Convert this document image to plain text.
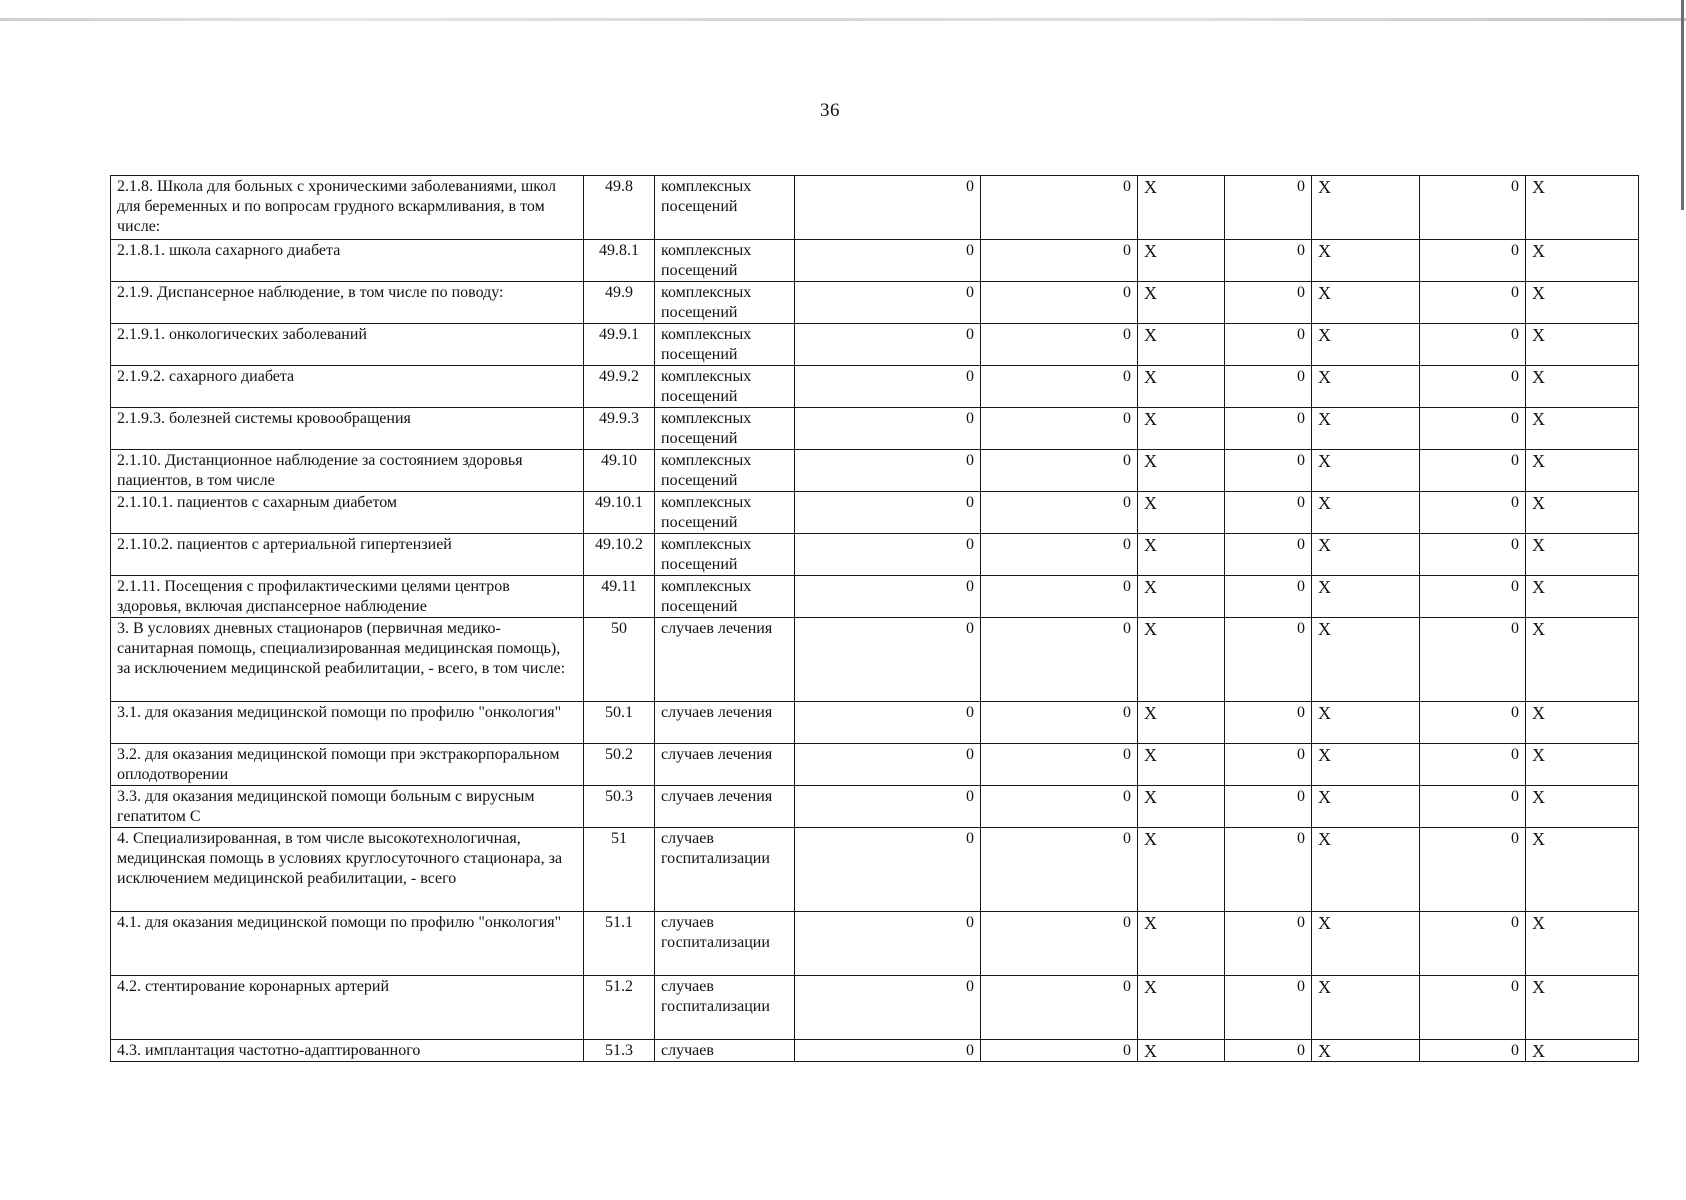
36
2.1.8. Школа для больных с хроническими заболеваниями, школ для беременных и по вопросам грудного вскармливания, в том числе:	49.8	комплексных посещений	0	0	X	0	X	0	X
2.1.8.1. школа сахарного диабета	49.8.1	комплексных посещений	0	0	X	0	X	0	X
2.1.9. Диспансерное наблюдение, в том числе по поводу:	49.9	комплексных посещений	0	0	X	0	X	0	X
2.1.9.1. онкологических заболеваний	49.9.1	комплексных посещений	0	0	X	0	X	0	X
2.1.9.2. сахарного диабета	49.9.2	комплексных посещений	0	0	X	0	X	0	X
2.1.9.3. болезней системы кровообращения	49.9.3	комплексных посещений	0	0	X	0	X	0	X
2.1.10. Дистанционное наблюдение за состоянием здоровья пациентов, в том числе	49.10	комплексных посещений	0	0	X	0	X	0	X
2.1.10.1. пациентов с сахарным диабетом	49.10.1	комплексных посещений	0	0	X	0	X	0	X
2.1.10.2. пациентов с артериальной гипертензией	49.10.2	комплексных посещений	0	0	X	0	X	0	X
2.1.11. Посещения с профилактическими целями центров здоровья, включая диспансерное наблюдение	49.11	комплексных посещений	0	0	X	0	X	0	X
3. В условиях дневных стационаров (первичная медико-санитарная помощь, специализированная медицинская помощь), за исключением медицинской реабилитации, - всего, в том числе:	50	случаев лечения	0	0	X	0	X	0	X
3.1. для оказания медицинской помощи по профилю "онкология"	50.1	случаев лечения	0	0	X	0	X	0	X
3.2. для оказания медицинской помощи при экстракорпоральном оплодотворении	50.2	случаев лечения	0	0	X	0	X	0	X
3.3. для оказания медицинской помощи больным с вирусным гепатитом С	50.3	случаев лечения	0	0	X	0	X	0	X
4. Специализированная, в том числе высокотехнологичная, медицинская помощь в условиях круглосуточного стационара, за исключением медицинской реабилитации, - всего	51	случаев госпитализации	0	0	X	0	X	0	X
4.1. для оказания медицинской помощи по профилю "онкология"	51.1	случаев госпитализации	0	0	X	0	X	0	X
4.2. стентирование коронарных артерий	51.2	случаев госпитализации	0	0	X	0	X	0	X
4.3. имплантация частотно-адаптированного	51.3	случаев	0	0	X	0	X	0	X
